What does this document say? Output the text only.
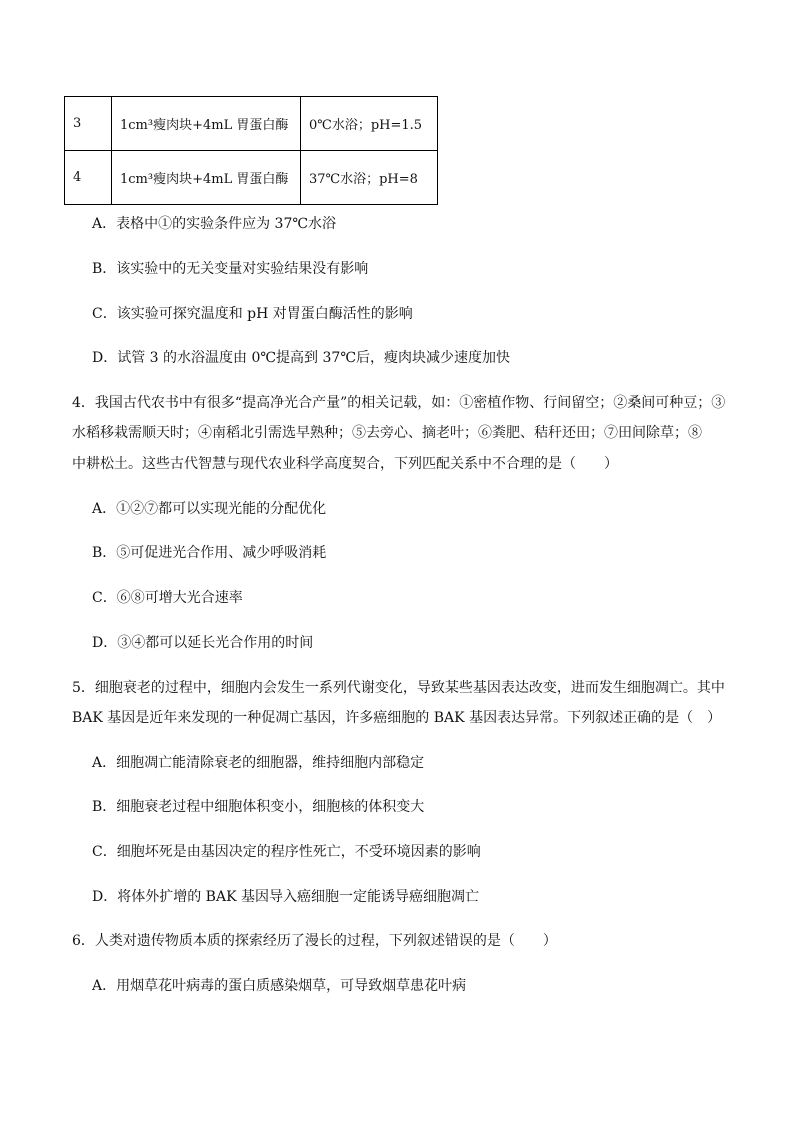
3	1cm³瘦肉块+4mL 胃蛋白酶	0℃水浴；pH=1.5
4	1cm³瘦肉块+4mL 胃蛋白酶	37℃水浴；pH=8
A．表格中①的实验条件应为 37℃水浴
B．该实验中的无关变量对实验结果没有影响
C．该实验可探究温度和 pH 对胃蛋白酶活性的影响
D．试管 3 的水浴温度由 0℃提高到 37℃后，瘦肉块减少速度加快
4．我国古代农书中有很多“提高净光合产量”的相关记载，如：①密植作物、行间留空；②桑间可种豆；③
水稻移栽需顺天时；④南稻北引需选早熟种；⑤去旁心、摘老叶；⑥粪肥、秸秆还田；⑦田间除草；⑧
中耕松土。这些古代智慧与现代农业科学高度契合，下列匹配关系中不合理的是（　　）
A．①②⑦都可以实现光能的分配优化
B．⑤可促进光合作用、减少呼吸消耗
C．⑥⑧可增大光合速率
D．③④都可以延长光合作用的时间
5．细胞衰老的过程中，细胞内会发生一系列代谢变化，导致某些基因表达改变，进而发生细胞凋亡。其中
BAK 基因是近年来发现的一种促凋亡基因，许多癌细胞的 BAK 基因表达异常。下列叙述正确的是（　）
A．细胞凋亡能清除衰老的细胞器，维持细胞内部稳定
B．细胞衰老过程中细胞体积变小，细胞核的体积变大
C．细胞坏死是由基因决定的程序性死亡，不受环境因素的影响
D．将体外扩增的 BAK 基因导入癌细胞一定能诱导癌细胞凋亡
6．人类对遗传物质本质的探索经历了漫长的过程，下列叙述错误的是（　　）
A．用烟草花叶病毒的蛋白质感染烟草，可导致烟草患花叶病
